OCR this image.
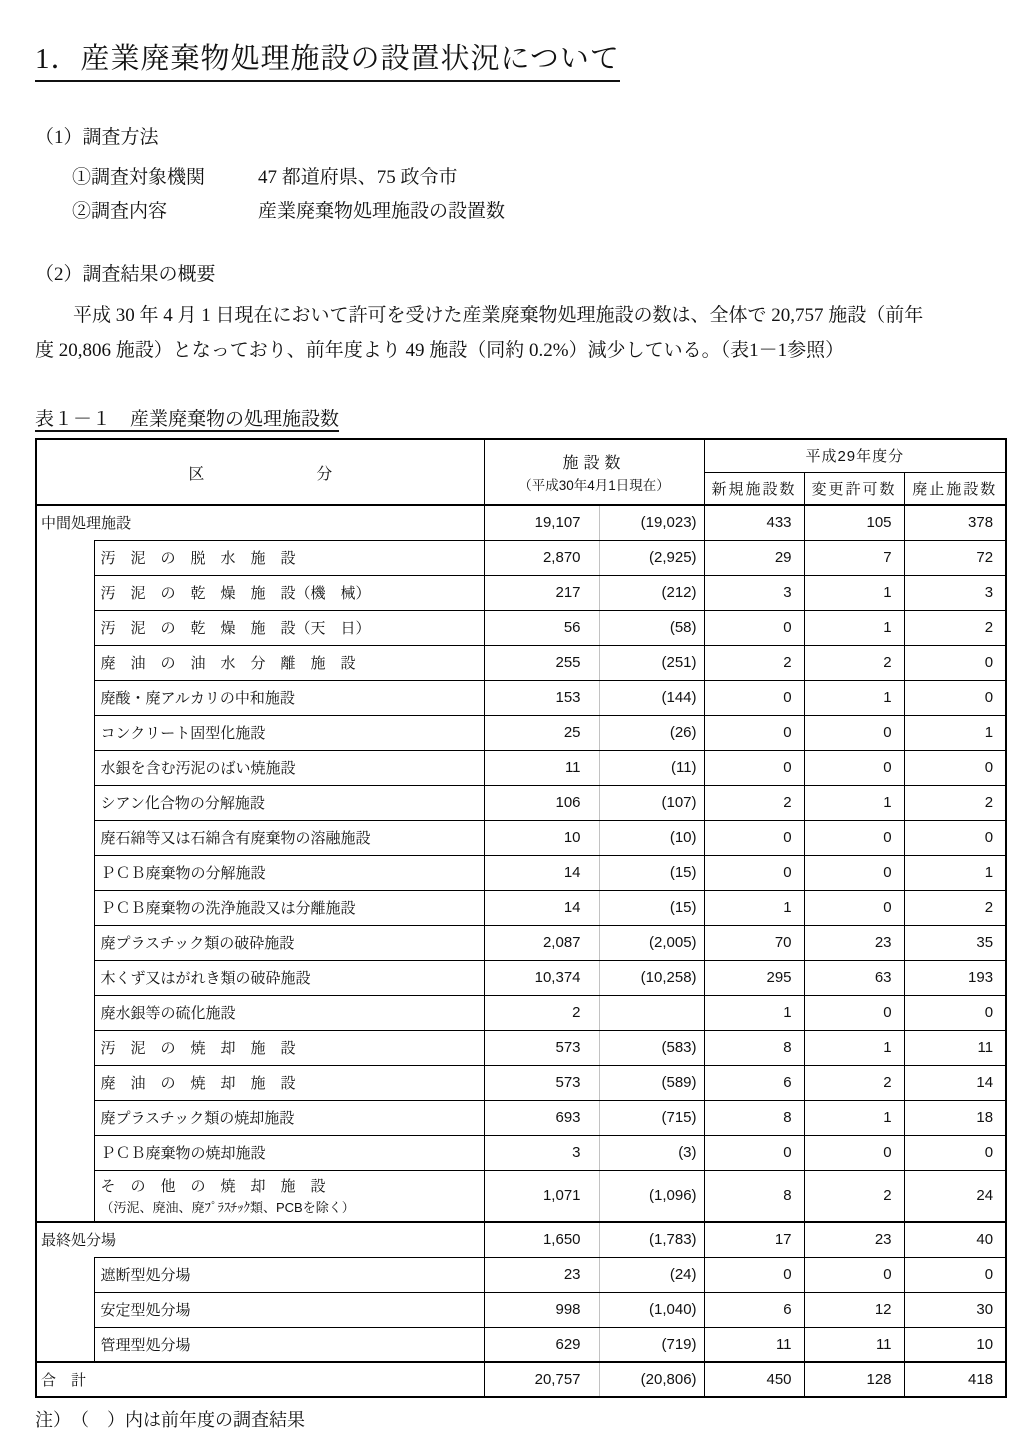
1．産業廃棄物処理施設の設置状況について
（1）調査方法
①調査対象機関	47 都道府県、75 政令市
②調査内容	産業廃棄物処理施設の設置数
（2）調査結果の概要
平成 30 年 4 月 1 日現在において許可を受けた産業廃棄物処理施設の数は、全体で 20,757 施設（前年
度 20,806 施設）となっており、前年度より 49 施設（同約 0.2%）減少している。（表1－1参照）
表１－１　産業廃棄物の処理施設数
区　　　　　　　分		施設数
（平成30年4月1日現在）		平成29年度分		
				新規施設数	変更許可数	廃止施設数
中間処理施設		19,107	(19,023)	433	105	378
	汚　泥　の　脱　水　施　設	2,870	(2,925)	29	7	72
	汚　泥　の　乾　燥　施　設（機　械）	217	(212)	3	1	3
	汚　泥　の　乾　燥　施　設（天　日）	56	(58)	0	1	2
	廃　油　の　油　水　分　離　施　設	255	(251)	2	2	0
	廃酸・廃アルカリの中和施設	153	(144)	0	1	0
	コンクリート固型化施設	25	(26)	0	0	1
	水銀を含む汚泥のばい焼施設	11	(11)	0	0	0
	シアン化合物の分解施設	106	(107)	2	1	2
	廃石綿等又は石綿含有廃棄物の溶融施設	10	(10)	0	0	0
	ＰＣＢ廃棄物の分解施設	14	(15)	0	0	1
	ＰＣＢ廃棄物の洗浄施設又は分離施設	14	(15)	1	0	2
	廃プラスチック類の破砕施設	2,087	(2,005)	70	23	35
	木くず又はがれき類の破砕施設	10,374	(10,258)	295	63	193
	廃水銀等の硫化施設	2		1	0	0
	汚　泥　の　焼　却　施　設	573	(583)	8	1	11
	廃　油　の　焼　却　施　設	573	(589)	6	2	14
	廃プラスチック類の焼却施設	693	(715)	8	1	18
	ＰＣＢ廃棄物の焼却施設	3	(3)	0	0	0

	そ　の　他　の　焼　却　施　設
（汚泥、廃油、廃ﾌﾟﾗｽﾁｯｸ類、PCBを除く）	1,071	(1,096)	8	2	24
最終処分場		1,650	(1,783)	17	23	40
	遮断型処分場	23	(24)	0	0	0
	安定型処分場	998	(1,040)	6	12	30
	管理型処分場	629	(719)	11	11	10
合　計		20,757	(20,806)	450	128	418
注）　（　）内は前年度の調査結果
